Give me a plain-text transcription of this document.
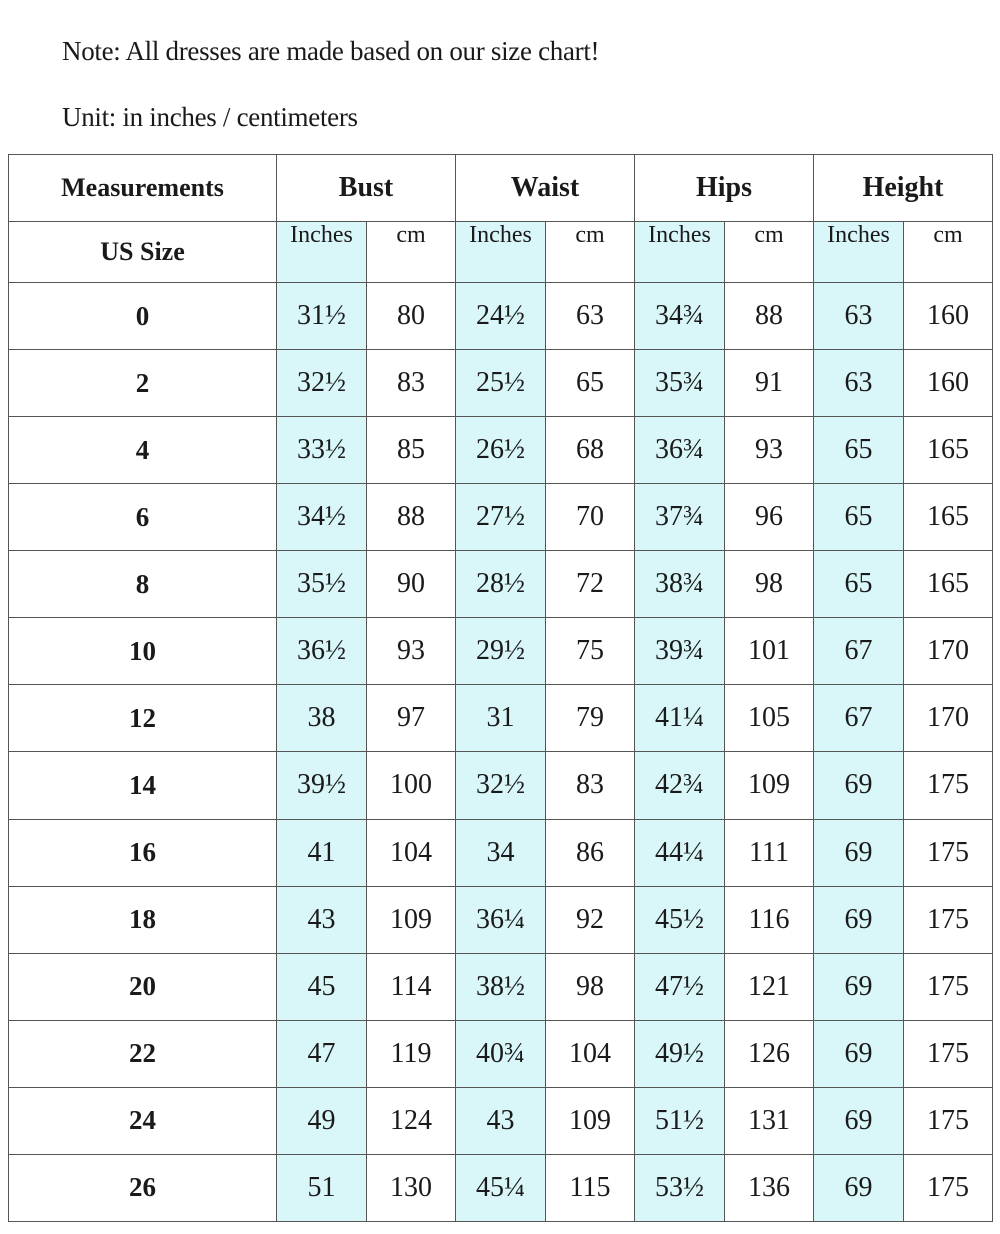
Note: All dresses are made based on our size chart!
Unit: in inches / centimeters
Measurements	Bust		Waist		Hips		Height	
US Size	Inches	cm	Inches	cm	Inches	cm	Inches	cm
0	31½	80	24½	63	34¾	88	63	160
2	32½	83	25½	65	35¾	91	63	160
4	33½	85	26½	68	36¾	93	65	165
6	34½	88	27½	70	37¾	96	65	165
8	35½	90	28½	72	38¾	98	65	165
10	36½	93	29½	75	39¾	101	67	170
12	38	97	31	79	41¼	105	67	170
14	39½	100	32½	83	42¾	109	69	175
16	41	104	34	86	44¼	111	69	175
18	43	109	36¼	92	45½	116	69	175
20	45	114	38½	98	47½	121	69	175
22	47	119	40¾	104	49½	126	69	175
24	49	124	43	109	51½	131	69	175
26	51	130	45¼	115	53½	136	69	175
